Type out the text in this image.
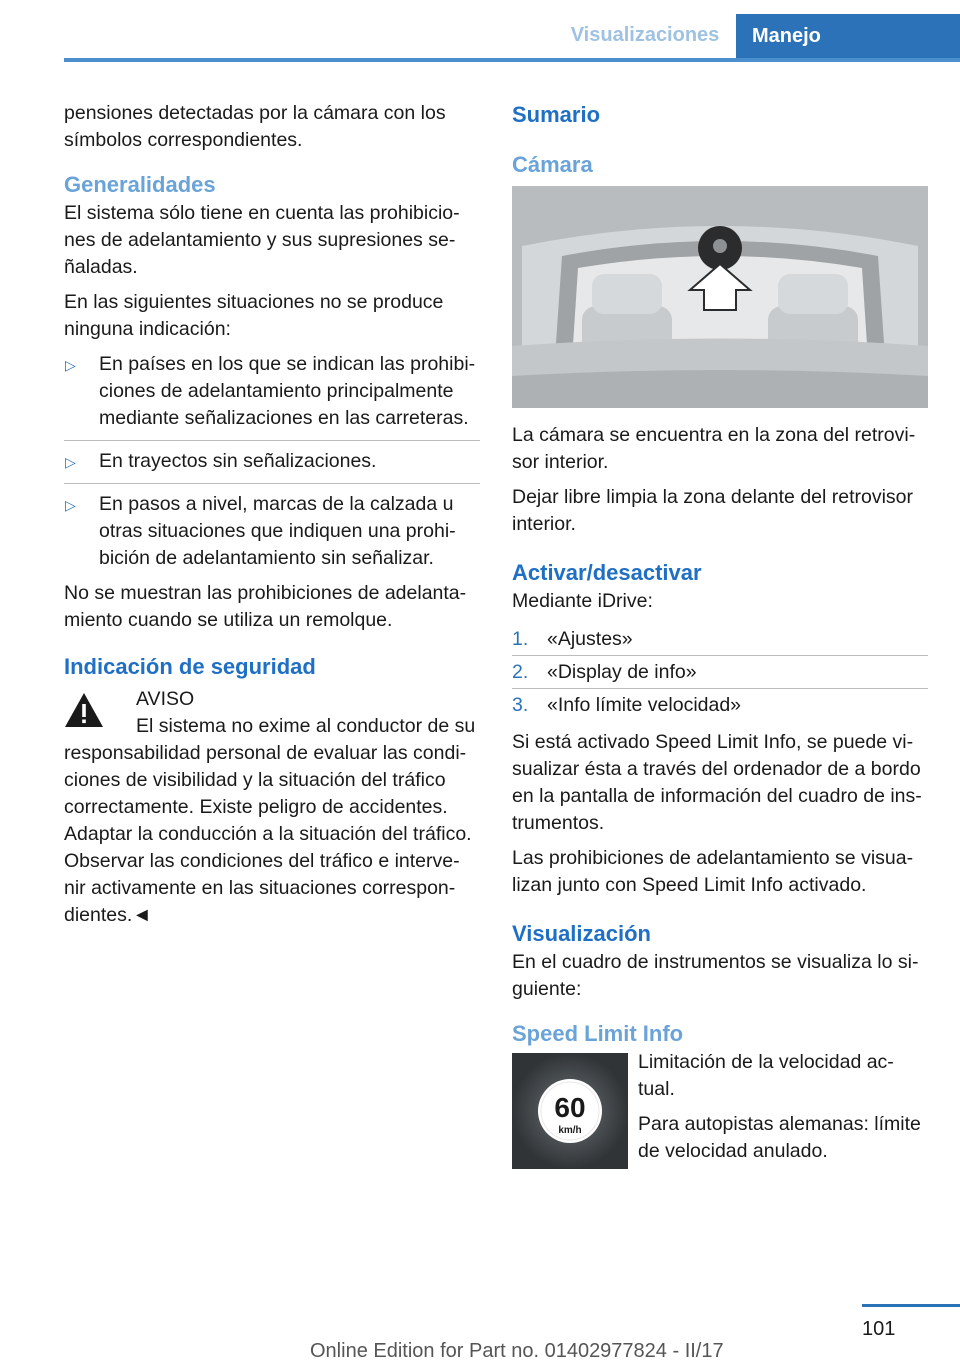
Visualizaciones	Manejo

pensiones detectadas por la cámara con los símbolos correspondientes.

Generalidades

El sistema sólo tiene en cuenta las prohibicio‐nes de adelantamiento y sus supresiones se‐ñaladas.

En las siguientes situaciones no se produce ninguna indicación:

▷ En países en los que se indican las prohibi‐ciones de adelantamiento principalmente mediante señalizaciones en las carreteras.
▷ En trayectos sin señalizaciones.
▷ En pasos a nivel, marcas de la calzada u otras situaciones que indiquen una prohi‐bición de adelantamiento sin señalizar.

No se muestran las prohibiciones de adelanta‐miento cuando se utiliza un remolque.

Indicación de seguridad
AVISO
El sistema no exime al conductor de su
responsabilidad personal de evaluar las condi‐ciones de visibilidad y la situación del tráfico correctamente. Existe peligro de accidentes. Adaptar la conducción a la situación del tráfico. Observar las condiciones del tráfico e interve‐nir activamente en las situaciones correspon‐dientes.◄
Sumario
Cámara

La cámara se encuentra en la zona del retrovi‐sor interior.

Dejar libre limpia la zona delante del retrovisor interior.

Activar/desactivar

Mediante iDrive:

1. «Ajustes»
2. «Display de info»
3. «Info límite velocidad»

Si está activado Speed Limit Info, se puede vi‐sualizar ésta a través del ordenador de a bordo en la pantalla de información del cuadro de ins‐trumentos.

Las prohibiciones de adelantamiento se visua‐lizan junto con Speed Limit Info activado.

Visualización

En el cuadro de instrumentos se visualiza lo si‐guiente:

Speed Limit Info
60
km/h

Limitación de la velocidad ac‐tual.

Para autopistas alemanas: límite de velocidad anulado.

101
Online Edition for Part no. 01402977824 - II/17
